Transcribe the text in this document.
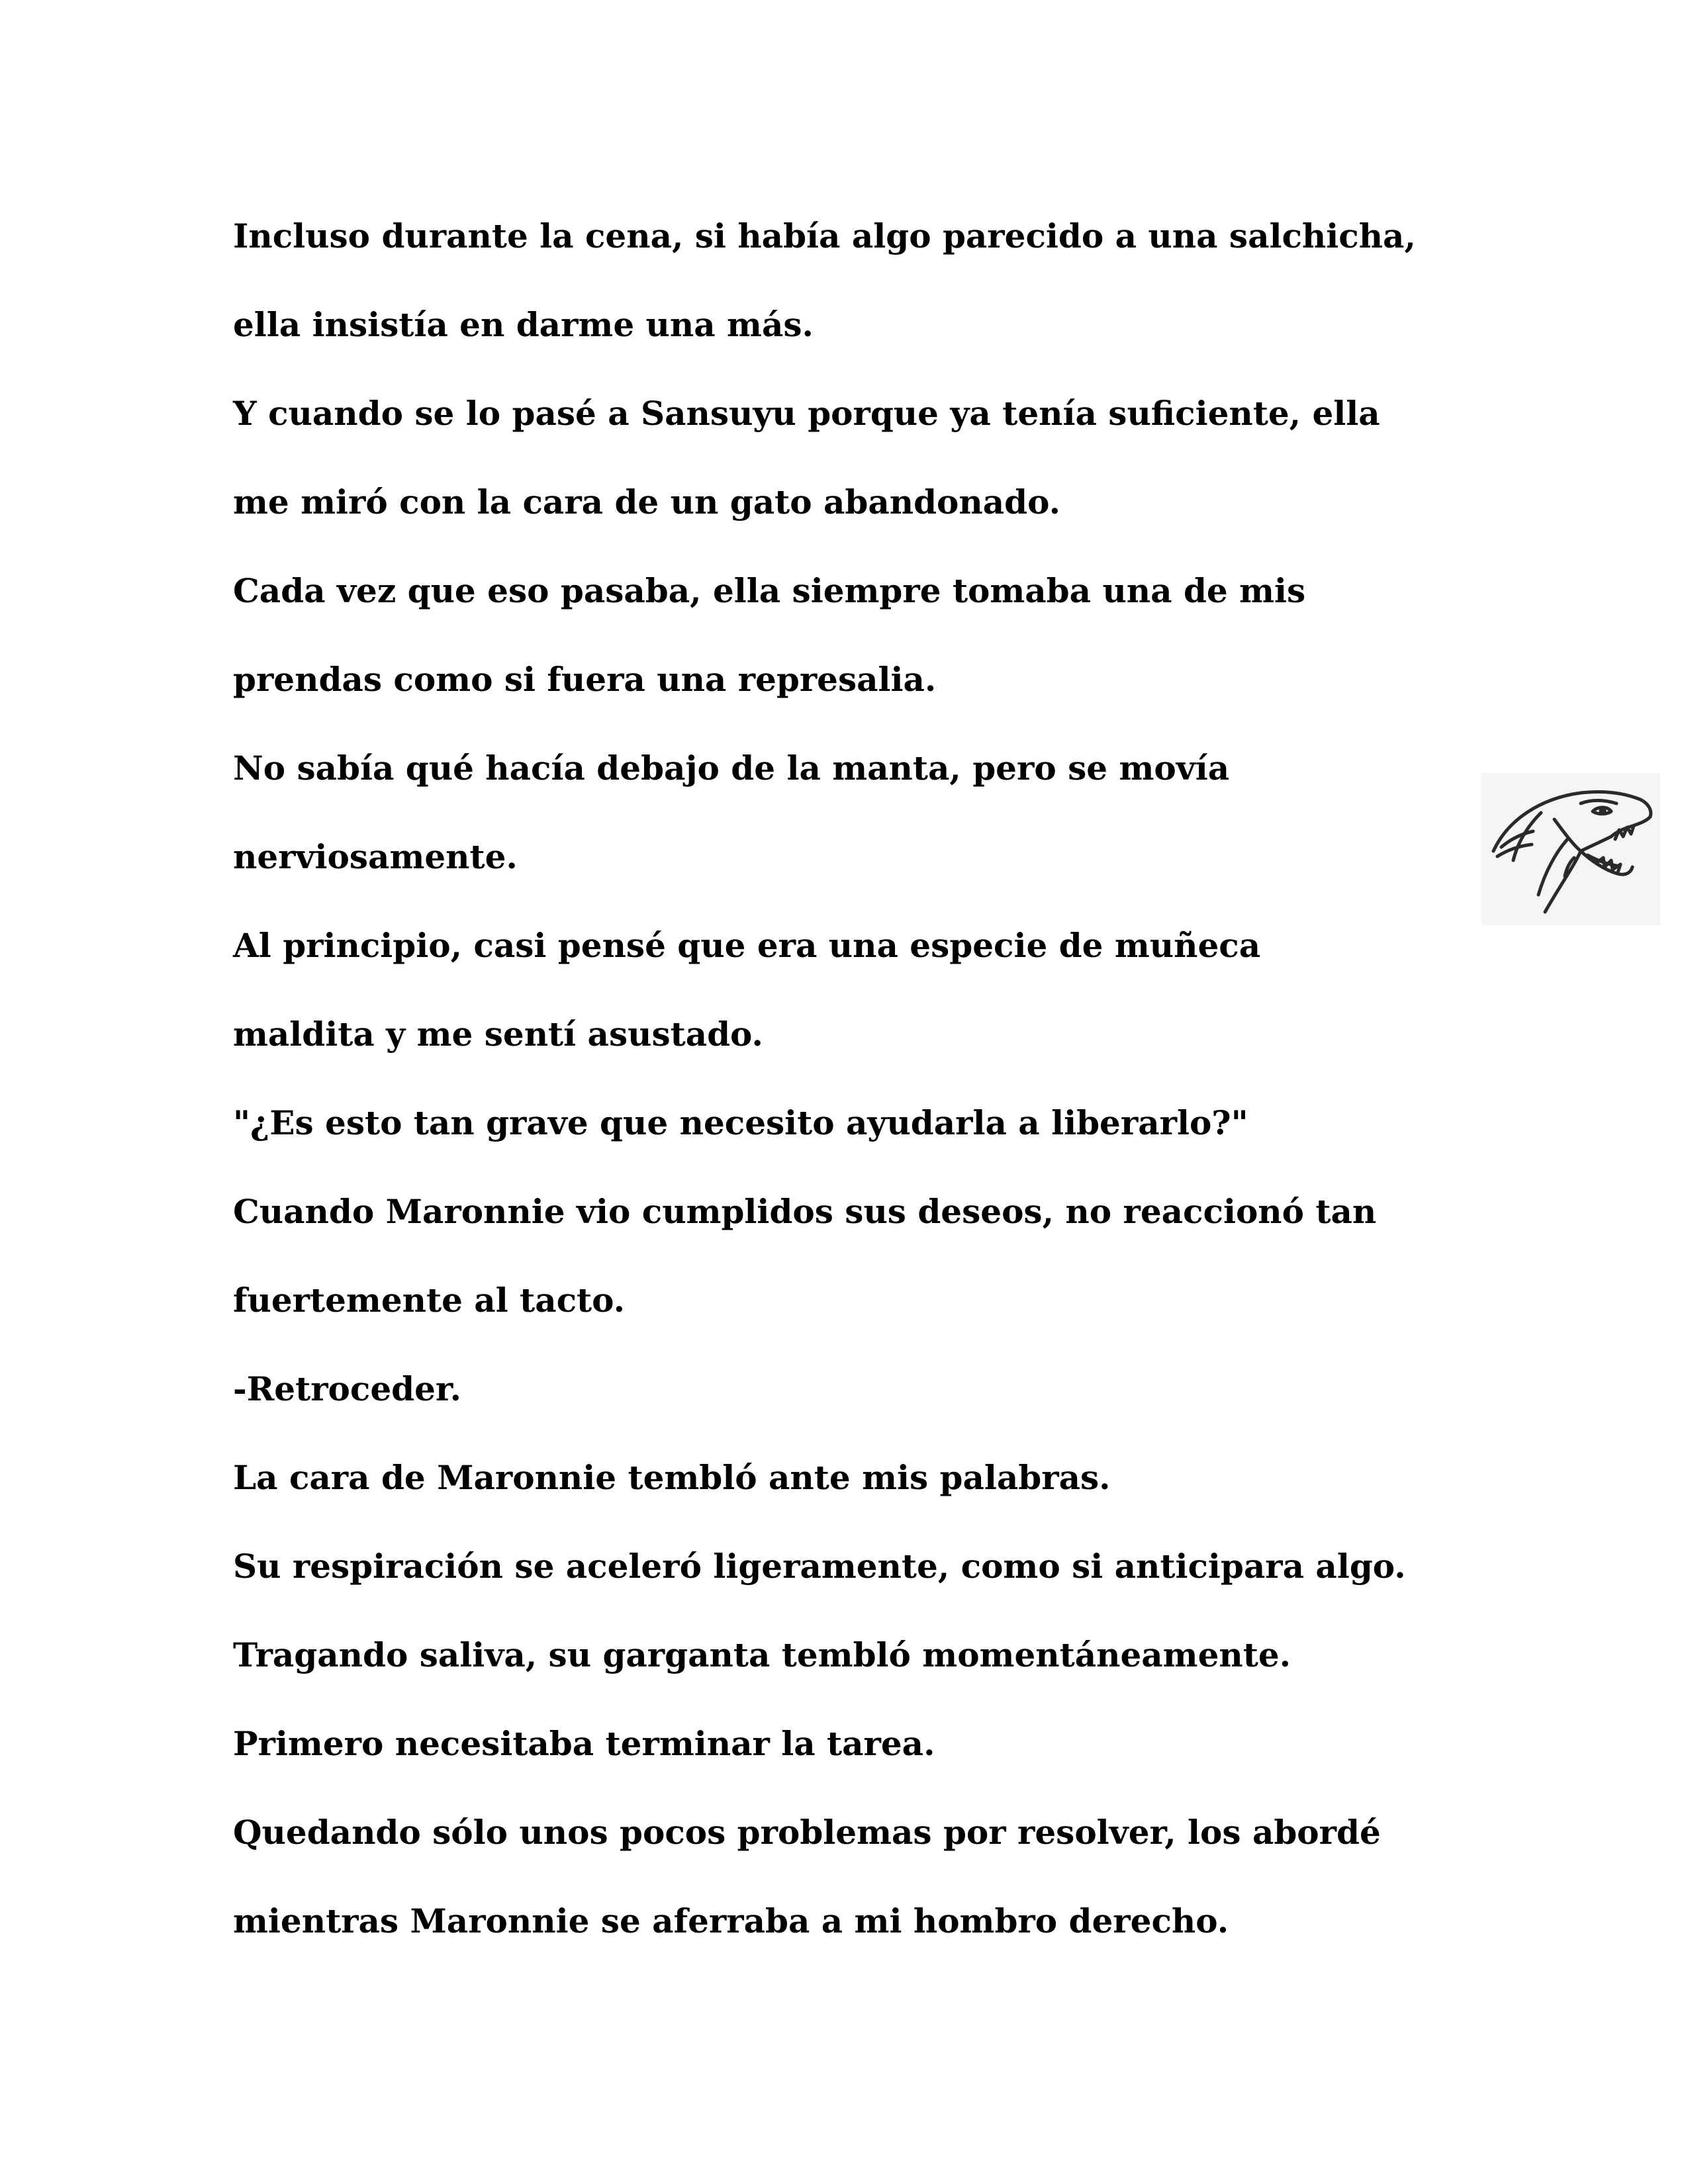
Incluso durante la cena, si había algo parecido a una salchicha,
ella insistía en darme una más.
Y cuando se lo pasé a Sansuyu porque ya tenía suficiente, ella
me miró con la cara de un gato abandonado.
Cada vez que eso pasaba, ella siempre tomaba una de mis
prendas como si fuera una represalia.
No sabía qué hacía debajo de la manta, pero se movía
nerviosamente.
Al principio, casi pensé que era una especie de muñeca
maldita y me sentí asustado.
"¿Es esto tan grave que necesito ayudarla a liberarlo?"
Cuando Maronnie vio cumplidos sus deseos, no reaccionó tan
fuertemente al tacto.
-Retroceder.
La cara de Maronnie tembló ante mis palabras.
Su respiración se aceleró ligeramente, como si anticipara algo.
Tragando saliva, su garganta tembló momentáneamente.
Primero necesitaba terminar la tarea.
Quedando sólo unos pocos problemas por resolver, los abordé
mientras Maronnie se aferraba a mi hombro derecho.
